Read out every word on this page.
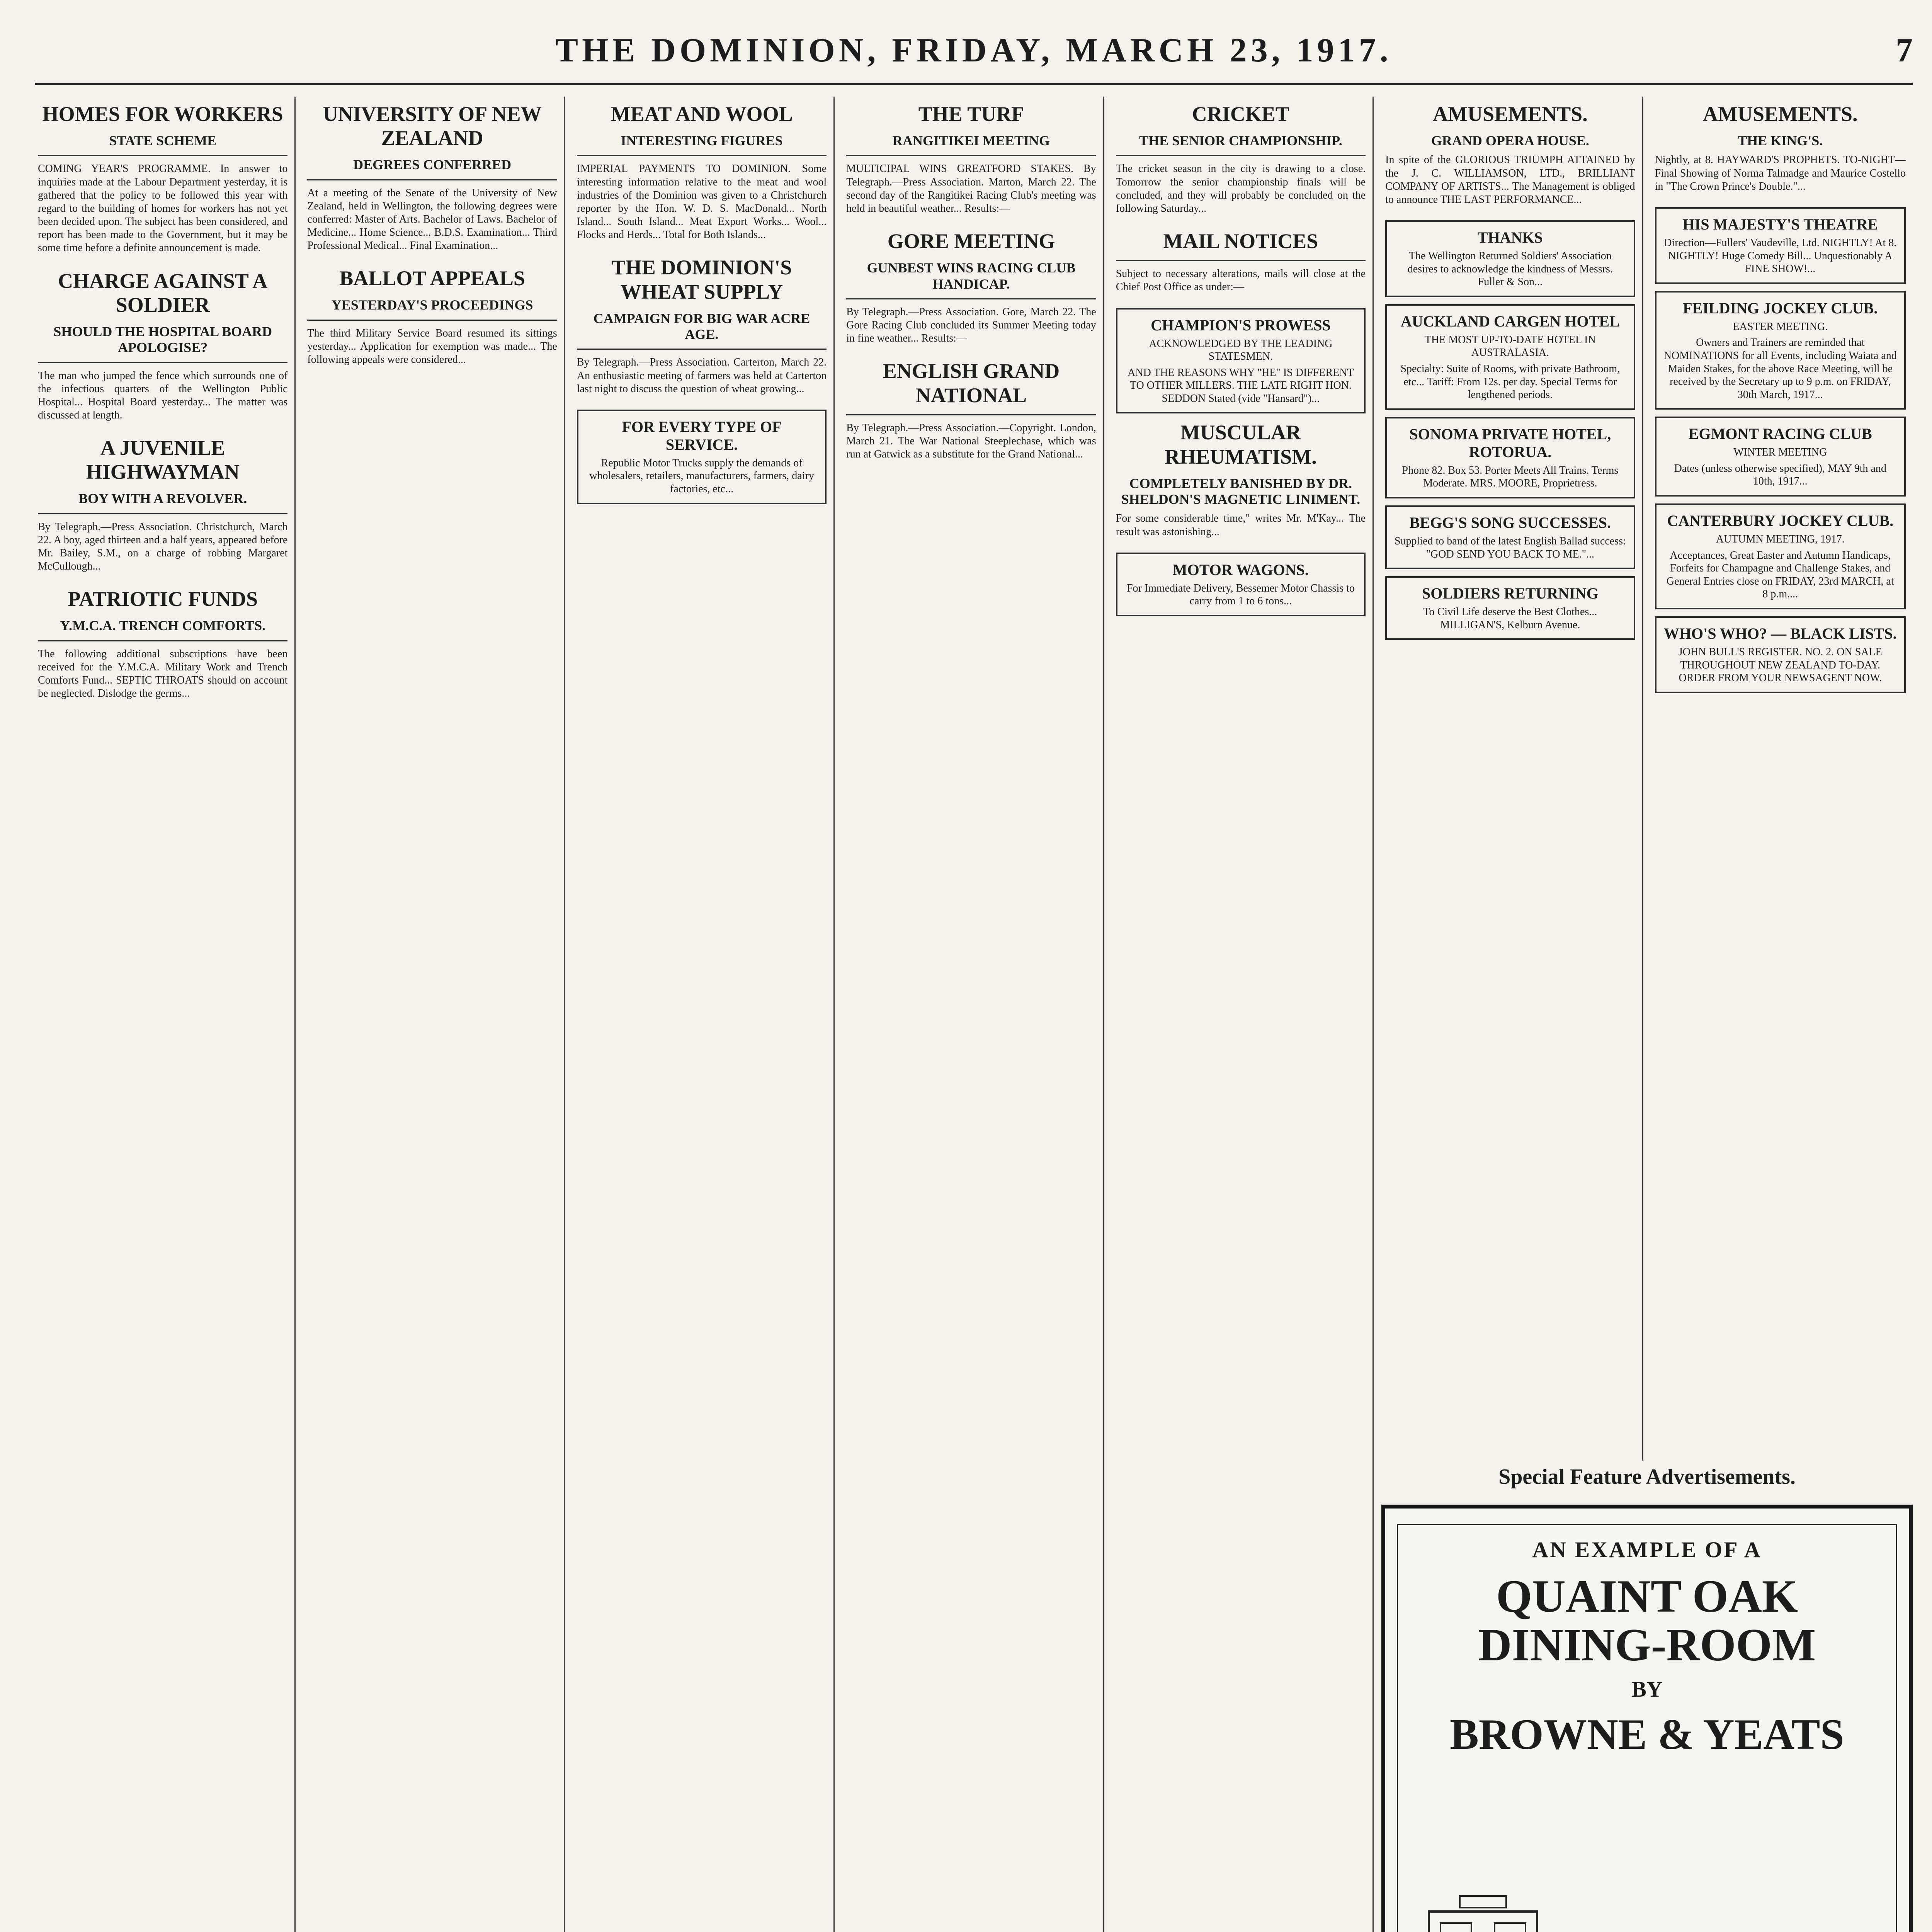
THE DOMINION, FRIDAY, MARCH 23, 1917.	7
HOMES FOR WORKERS
STATE SCHEME
COMING YEAR'S PROGRAMME. In answer to inquiries made at the Labour Department yesterday, it is gathered that the policy to be followed this year with regard to the building of homes for workers has not yet been decided upon. The subject has been considered, and report has been made to the Government, but it may be some time before a definite announcement is made.
CHARGE AGAINST A SOLDIER
SHOULD THE HOSPITAL BOARD APOLOGISE?
The man who jumped the fence which surrounds one of the infectious quarters of the Wellington Public Hospital... Hospital Board yesterday... The matter was discussed at length.
A JUVENILE HIGHWAYMAN
BOY WITH A REVOLVER.
By Telegraph.—Press Association. Christchurch, March 22. A boy, aged thirteen and a half years, appeared before Mr. Bailey, S.M., on a charge of robbing Margaret McCullough...
PATRIOTIC FUNDS
Y.M.C.A. TRENCH COMFORTS.
The following additional subscriptions have been received for the Y.M.C.A. Military Work and Trench Comforts Fund... SEPTIC THROATS should on account be neglected. Dislodge the germs...
UNIVERSITY OF NEW ZEALAND
DEGREES CONFERRED
At a meeting of the Senate of the University of New Zealand, held in Wellington, the following degrees were conferred: Master of Arts. Bachelor of Laws. Bachelor of Medicine... Home Science... B.D.S. Examination... Third Professional Medical... Final Examination...
BALLOT APPEALS
YESTERDAY'S PROCEEDINGS
The third Military Service Board resumed its sittings yesterday... Application for exemption was made... The following appeals were considered...
MEAT AND WOOL
INTERESTING FIGURES
IMPERIAL PAYMENTS TO DOMINION. Some interesting information relative to the meat and wool industries of the Dominion was given to a Christchurch reporter by the Hon. W. D. S. MacDonald... North Island... South Island... Meat Export Works... Wool... Flocks and Herds... Total for Both Islands...
THE DOMINION'S WHEAT SUPPLY
CAMPAIGN FOR BIG WAR ACRE AGE.
By Telegraph.—Press Association. Carterton, March 22. An enthusiastic meeting of farmers was held at Carterton last night to discuss the question of wheat growing...
FOR EVERY TYPE OF SERVICE.
Republic Motor Trucks supply the demands of wholesalers, retailers, manufacturers, farmers, dairy factories, etc...
THE TURF
RANGITIKEI MEETING
MULTICIPAL WINS GREATFORD STAKES. By Telegraph.—Press Association. Marton, March 22. The second day of the Rangitikei Racing Club's meeting was held in beautiful weather... Results:—
GORE MEETING
GUNBEST WINS RACING CLUB HANDICAP.
By Telegraph.—Press Association. Gore, March 22. The Gore Racing Club concluded its Summer Meeting today in fine weather... Results:—
ENGLISH GRAND NATIONAL
By Telegraph.—Press Association.—Copyright. London, March 21. The War National Steeplechase, which was run at Gatwick as a substitute for the Grand National...
CRICKET
THE SENIOR CHAMPIONSHIP.
The cricket season in the city is drawing to a close. Tomorrow the senior championship finals will be concluded, and they will probably be concluded on the following Saturday...
MAIL NOTICES
Subject to necessary alterations, mails will close at the Chief Post Office as under:—
CHAMPION'S PROWESS
ACKNOWLEDGED BY THE LEADING STATESMEN.
AND THE REASONS WHY "HE" IS DIFFERENT TO OTHER MILLERS. THE LATE RIGHT HON. SEDDON Stated (vide "Hansard")...
MUSCULAR RHEUMATISM.
COMPLETELY BANISHED BY DR. SHELDON'S MAGNETIC LINIMENT.
For some considerable time," writes Mr. M'Kay... The result was astonishing...
MOTOR WAGONS.
For Immediate Delivery, Bessemer Motor Chassis to carry from 1 to 6 tons...
AMUSEMENTS.
GRAND OPERA HOUSE.
In spite of the GLORIOUS TRIUMPH ATTAINED by the J. C. WILLIAMSON, LTD., BRILLIANT COMPANY OF ARTISTS... The Management is obliged to announce THE LAST PERFORMANCE...
THANKS
The Wellington Returned Soldiers' Association desires to acknowledge the kindness of Messrs. Fuller & Son...
AUCKLAND CARGEN HOTEL
THE MOST UP-TO-DATE HOTEL IN AUSTRALASIA.
Specialty: Suite of Rooms, with private Bathroom, etc... Tariff: From 12s. per day. Special Terms for lengthened periods.
SONOMA PRIVATE HOTEL, ROTORUA.
Phone 82. Box 53. Porter Meets All Trains. Terms Moderate. MRS. MOORE, Proprietress.
BEGG'S SONG SUCCESSES.
Supplied to band of the latest English Ballad success: "GOD SEND YOU BACK TO ME."...
SOLDIERS RETURNING
To Civil Life deserve the Best Clothes... MILLIGAN'S, Kelburn Avenue.
AMUSEMENTS.
THE KING'S.
Nightly, at 8. HAYWARD'S PROPHETS. TO-NIGHT—Final Showing of Norma Talmadge and Maurice Costello in "The Crown Prince's Double."...
HIS MAJESTY'S THEATRE
Direction—Fullers' Vaudeville, Ltd. NIGHTLY! At 8. NIGHTLY! Huge Comedy Bill... Unquestionably A FINE SHOW!...
FEILDING JOCKEY CLUB.
EASTER MEETING.
Owners and Trainers are reminded that NOMINATIONS for all Events, including Waiata and Maiden Stakes, for the above Race Meeting, will be received by the Secretary up to 9 p.m. on FRIDAY, 30th March, 1917...
EGMONT RACING CLUB
WINTER MEETING
Dates (unless otherwise specified), MAY 9th and 10th, 1917...
CANTERBURY JOCKEY CLUB.
AUTUMN MEETING, 1917.
Acceptances, Great Easter and Autumn Handicaps, Forfeits for Champagne and Challenge Stakes, and General Entries close on FRIDAY, 23rd MARCH, at 8 p.m....
WHO'S WHO? — BLACK LISTS.
JOHN BULL'S REGISTER. NO. 2. ON SALE THROUGHOUT NEW ZEALAND TO-DAY. ORDER FROM YOUR NEWSAGENT NOW.
Special Feature Advertisements.
AN EXAMPLE OF A
QUAINT OAK DINING-ROOM
BY
BROWNE & YEATS
